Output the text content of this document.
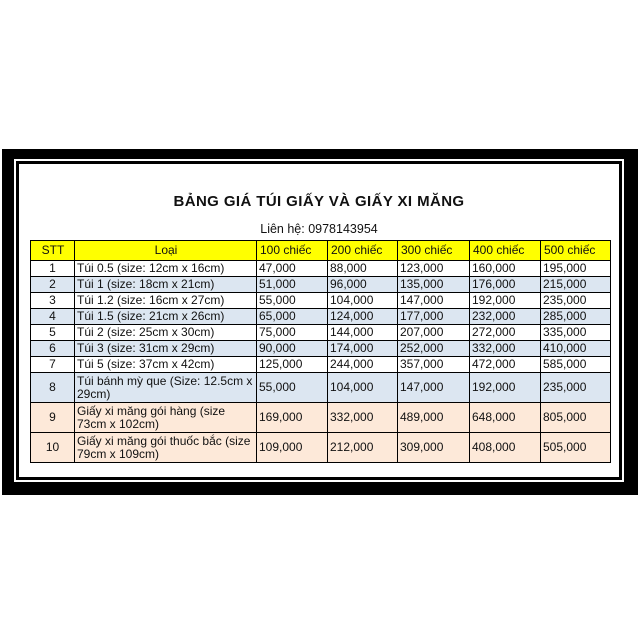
BẢNG GIÁ TÚI GIẤY VÀ GIẤY XI MĂNG
Liên hệ: 0978143954
STT	Loại	100 chiếc	200 chiếc	300 chiếc	400 chiếc	500 chiếc
1	Túi 0.5 (size: 12cm x 16cm)	47,000	88,000	123,000	160,000	195,000
2	Túi 1 (size: 18cm x 21cm)	51,000	96,000	135,000	176,000	215,000
3	Túi 1.2 (size: 16cm x 27cm)	55,000	104,000	147,000	192,000	235,000
4	Túi 1.5 (size: 21cm x 26cm)	65,000	124,000	177,000	232,000	285,000
5	Túi 2 (size: 25cm x 30cm)	75,000	144,000	207,000	272,000	335,000
6	Túi 3 (size: 31cm x 29cm)	90,000	174,000	252,000	332,000	410,000
7	Túi 5 (size: 37cm x 42cm)	125,000	244,000	357,000	472,000	585,000
8	Túi bánh mỳ que (Size: 12.5cm x 29cm)	55,000	104,000	147,000	192,000	235,000
9	Giấy xi măng gói hàng (size 73cm x 102cm)	169,000	332,000	489,000	648,000	805,000
10	Giấy xi măng gói thuốc bắc (size 79cm x 109cm)	109,000	212,000	309,000	408,000	505,000
